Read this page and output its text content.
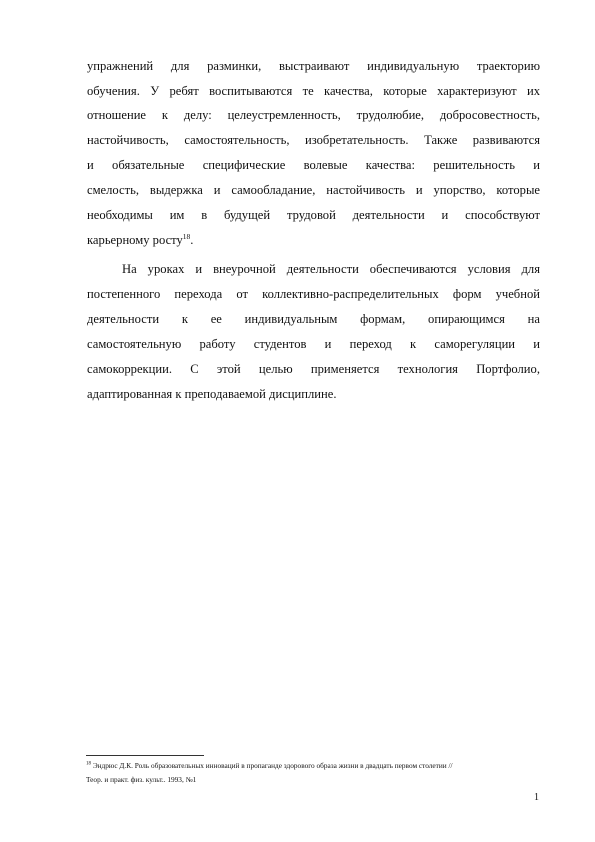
упражнений для разминки, выстраивают индивидуальную траекторию
обучения. У ребят воспитываются те качества, которые характеризуют их
отношение к делу: целеустремленность, трудолюбие, добросовестность,
настойчивость, самостоятельность, изобретательность. Также развиваются
и обязательные специфические волевые качества: решительность и
смелость, выдержка и самообладание, настойчивость и упорство, которые
необходимы им в будущей трудовой деятельности и способствуют
карьерному росту$^{18}$.
На уроках и внеурочной деятельности обеспечиваются условия для
постепенного перехода от коллективно-распределительных форм учебной
деятельности к ее индивидуальным формам, опирающимся на
самостоятельную работу студентов и переход к саморегуляции и
самокоррекции. С этой целью применяется технология Портфолио,
адаптированная к преподаваемой дисциплине.
$^{18}$ Эндрюс Д.К. Роль образовательных инноваций в пропаганде здорового образа жизни в двадцать первом столетии //
Теор. и практ. физ. культ.. 1993, №1
1
